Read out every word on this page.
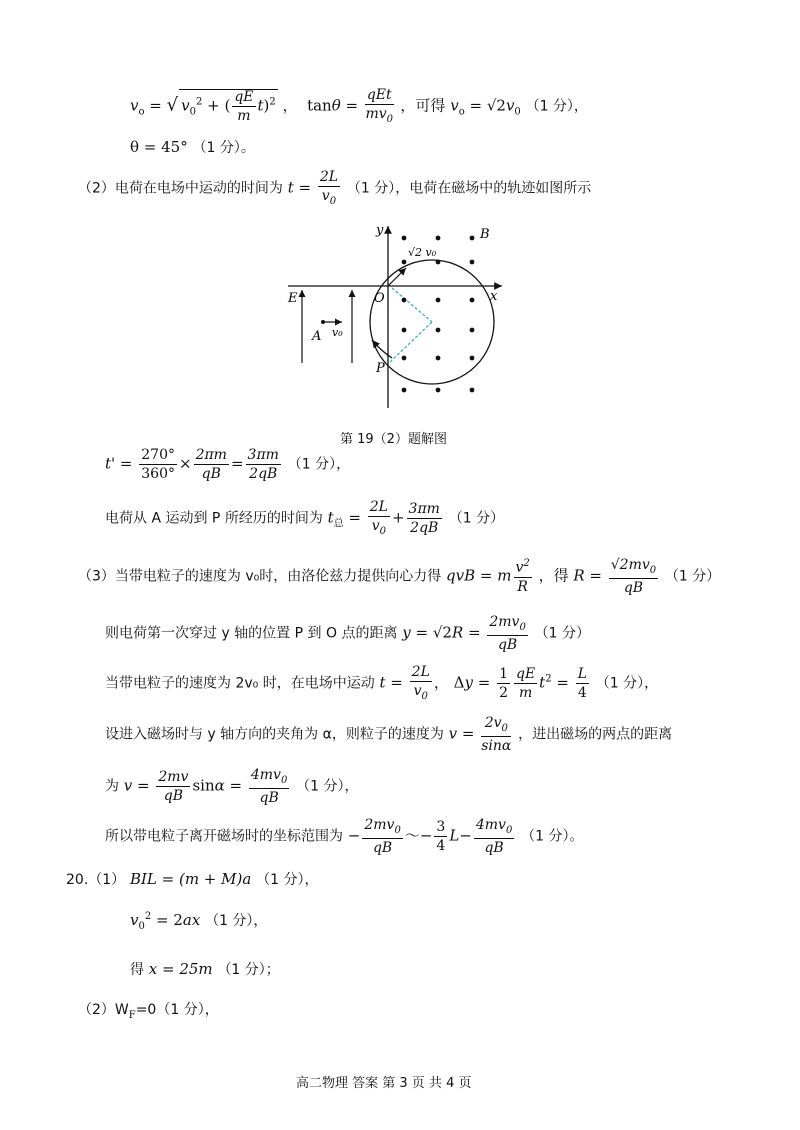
$v_o$ = √ $v_0^2$ + ( $\frac{qE}{m} t)^2$ ，  $\tan\theta = \frac{\text{qEt}}{mv_0}$ ，可得 $v_o = √2v_0$ （1 分），
θ = 45° （1 分）。
（2）电荷在电场中运动的时间为 $t = \frac{2L}{v_0} (1$ 分），电荷在磁场中的轨迹如图所示
y
x
O
B
E
A
P
v₀
√2 v₀
第 19（2）题解图
$t' = \frac{270^\circ}{360^\circ} \times \frac{2\pi m}{qB} = \frac{3\pi m}{2qB} (1$ 分），
电荷从 A 运动到 P 所经历的时间为 $t_总 = \frac{2L}{v_0} + \frac{3\pi m}{2qB} (1$ 分）
（3）当带电粒子的速度为 v₀时，由洛伦兹力提供向心力得 qvB = m $\frac{v^2}{R}$ ，得 $R = \frac{√2mv_0}{qB} (1$ 分）
则电荷第一次穿过 y 轴的位置 P 到 O 点的距离 $y = √2R = \frac{2mv_0}{qB} (1$ 分）
当带电粒子的速度为 2v₀ 时，在电场中运动 $t = \frac{2L}{v_0}$ ， $\Delta y = \frac{1}{2} \frac{qE}{m} t^2 = \frac{L}{4} (1$ 分），
设进入磁场时与 y 轴方向的夹角为 α，则粒子的速度为 $v = \frac{2v_0}{\sin\alpha}$ ，进出磁场的两点的距离
为 $v = \frac{2mv}{qB}$ $\sin\alpha = \frac{4mv_0}{qB} (1$ 分），
所以带电粒子离开磁场时的坐标范围为 − $\frac{2mv_0}{qB}$ ～− $\frac{3}{4} L- \frac{4mv_0}{qB} (1$ 分）。
20.（1） BIL = (m + M)a （1 分），
$v_0^2 = 2ax$ （1 分），
得 x = 25m （1 分）；
$(2)W_F=0(1$ 分），
高二物理 答案 第 3 页 共 4 页
